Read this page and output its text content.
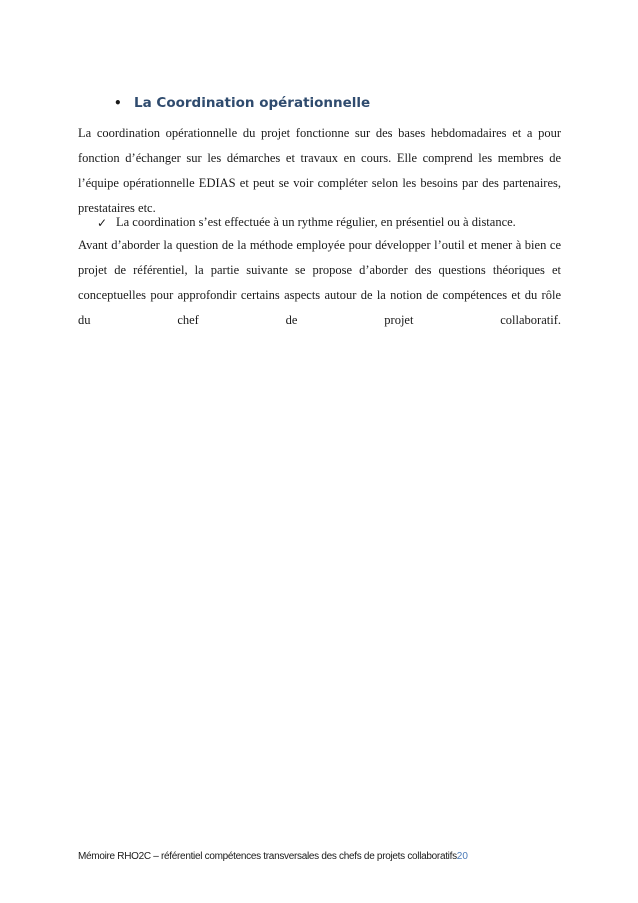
• La Coordination opérationnelle

La coordination opérationnelle du projet fonctionne sur des bases hebdomadaires et a pour fonction d’échanger sur les démarches et travaux en cours. Elle comprend les membres de l’équipe opérationnelle EDIAS et peut se voir compléter selon les besoins par des partenaires, prestataires etc.

✓ La coordination s’est effectuée à un rythme régulier, en présentiel ou à distance.

Avant d’aborder la question de la méthode employée pour développer l’outil et mener à bien ce projet de référentiel, la partie suivante se propose d’aborder des questions théoriques et conceptuelles pour approfondir certains aspects autour de la notion de compétences et du rôle du chef de projet collaboratif.

Mémoire RHO2C – référentiel compétences transversales des chefs de projets collaboratifs20
